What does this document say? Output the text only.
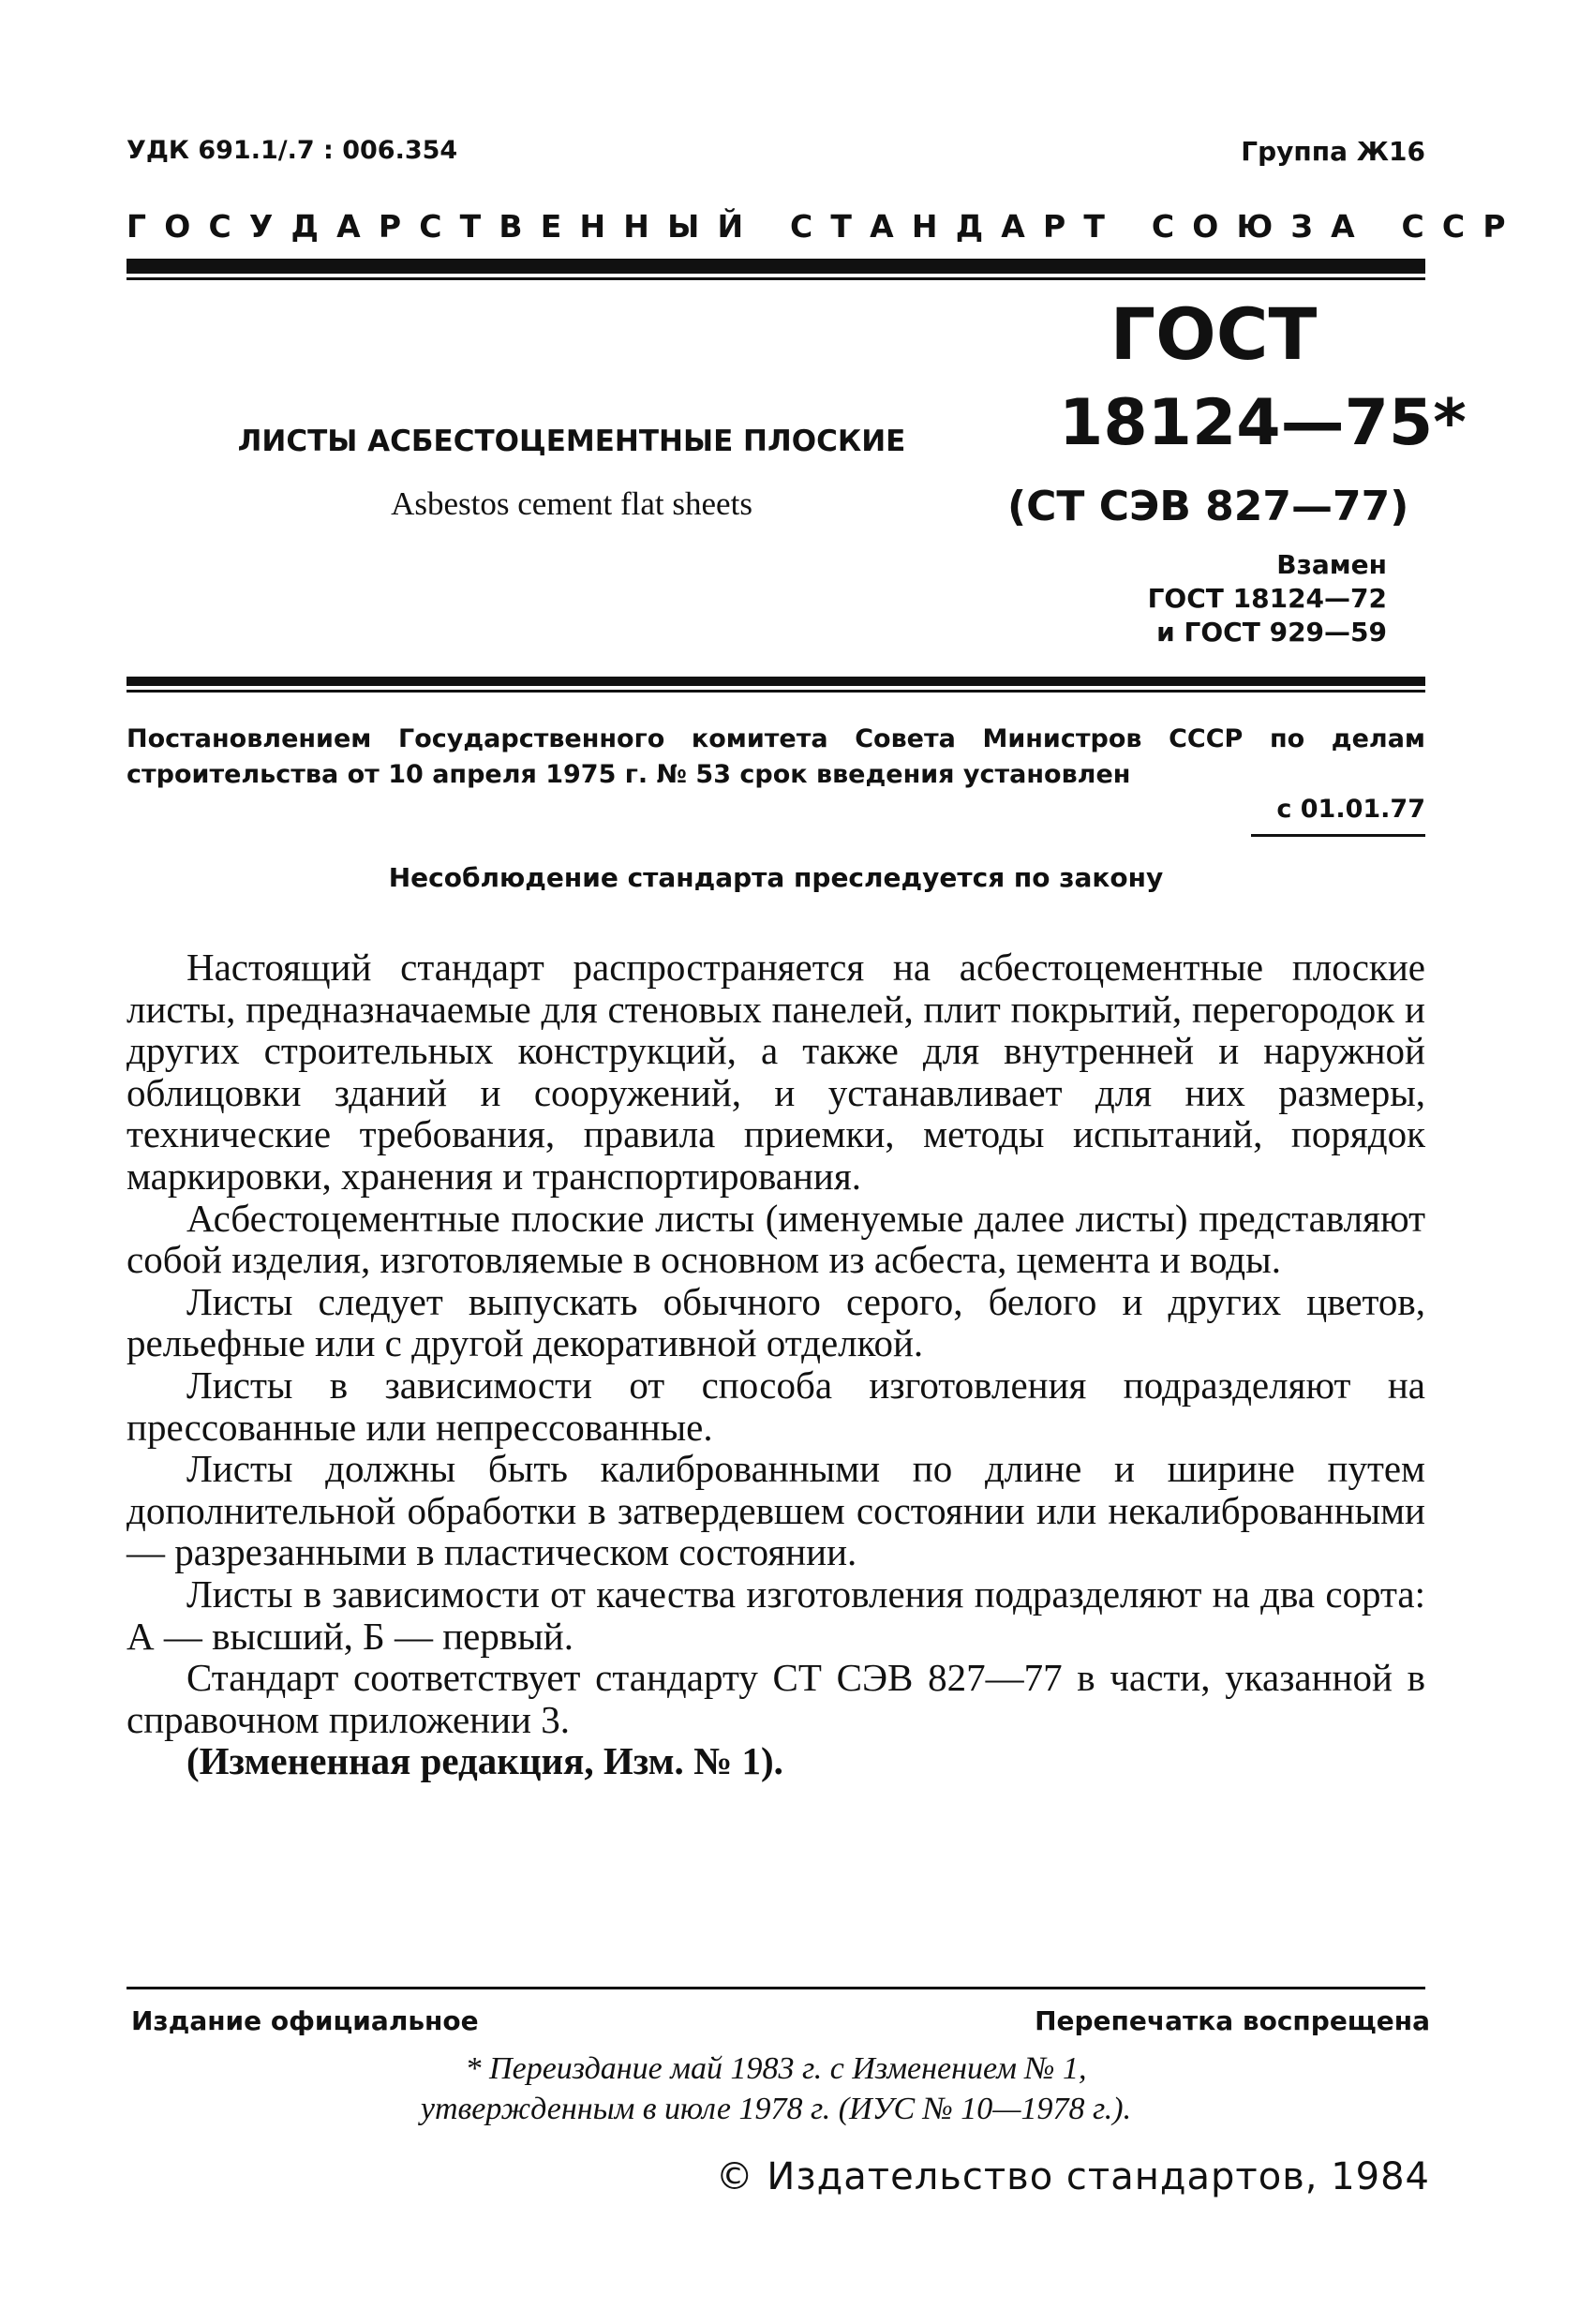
УДК 691.1/.7 : 006.354	Группа Ж16
ГОСУДАРСТВЕННЫЙ СТАНДАРТ СОЮЗА ССР
ГОСТ
18124—75*
(СТ СЭВ 827—77)
Взамен
ГОСТ 18124—72
и ГОСТ 929—59
ЛИСТЫ АСБЕСТОЦЕМЕНТНЫЕ ПЛОСКИЕ
Asbestos cement flat sheets
Постановлением Государственного комитета Совета Министров СССР по делам строительства от 10 апреля 1975 г. № 53 срок введения установлен
с 01.01.77
Несоблюдение стандарта преследуется по закону

Настоящий стандарт распространяется на асбестоцементные плоские листы, предназначаемые для стеновых панелей, плит покрытий, перегородок и других строительных конструкций, а также для внутренней и наружной облицовки зданий и сооружений, и устанавливает для них размеры, технические требования, правила приемки, методы испытаний, порядок маркировки, хранения и транспортирования.

Асбестоцементные плоские листы (именуемые далее листы) представляют собой изделия, изготовляемые в основном из асбеста, цемента и воды.

Листы следует выпускать обычного серого, белого и других цветов, рельефные или с другой декоративной отделкой.

Листы в зависимости от способа изготовления подразделяют на прессованные или непрессованные.

Листы должны быть калиброванными по длине и ширине путем дополнительной обработки в затвердевшем состоянии или некалиброванными — разрезанными в пластическом состоянии.

Листы в зависимости от качества изготовления подразделяют на два сорта: А — высший, Б — первый.

Стандарт соответствует стандарту СТ СЭВ 827—77 в части, указанной в справочном приложении 3.

(Измененная редакция, Изм. № 1).

Издание официальное	Перепечатка воспрещена
* Переиздание май 1983 г. с Изменением № 1,
утвержденным в июле 1978 г. (ИУС № 10—1978 г.).
© Издательство стандартов, 1984
